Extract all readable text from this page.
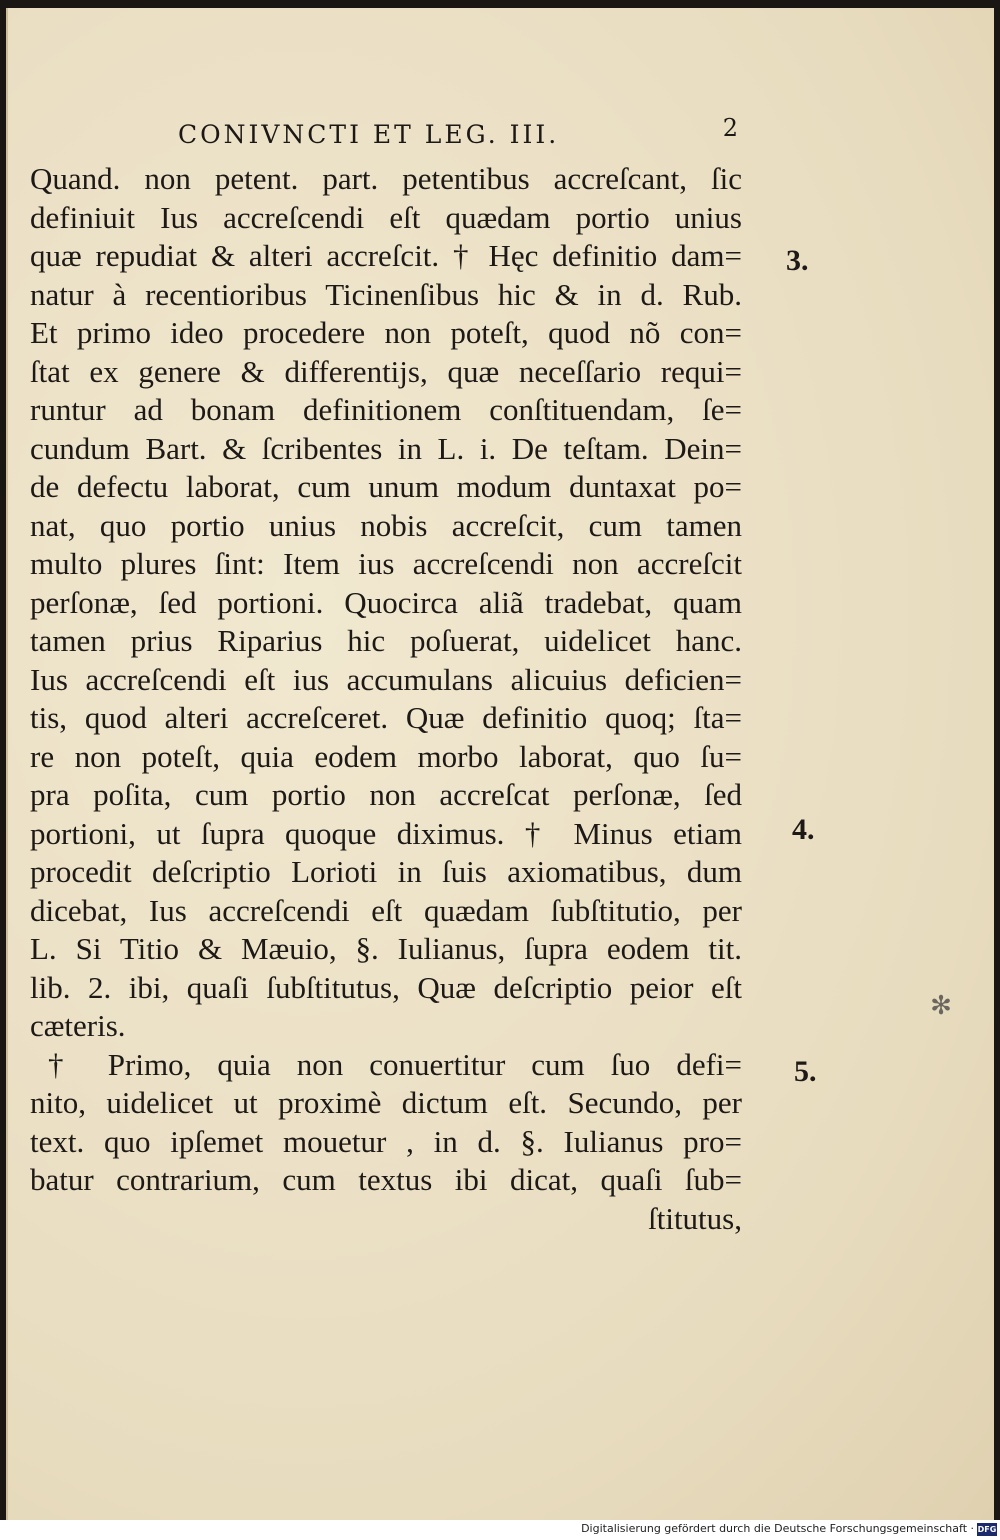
CONIVNCTI ET LEG. III.	2
Quand. non petent. part. petentibus accreſcant, ſic
definiuit Ius accreſcendi eſt quædam portio unius
quæ repudiat & alteri accreſcit. † Hęc definitio dam=
natur à recentioribus Ticinenſibus hic & in d. Rub.
Et primo ideo procedere non poteſt, quod nõ con=
ſtat ex genere & differentijs, quæ neceſſario requi=
runtur ad bonam definitionem conſtituendam, ſe=
cundum Bart. & ſcribentes in L. i. De teſtam. Dein=
de defectu laborat, cum unum modum duntaxat po=
nat, quo portio unius nobis accreſcit, cum tamen
multo plures ſint: Item ius accreſcendi non accreſcit
perſonæ, ſed portioni. Quocirca aliã tradebat, quam
tamen prius Riparius hic poſuerat, uidelicet hanc.
Ius accreſcendi eſt ius accumulans alicuius deficien=
tis, quod alteri accreſceret. Quæ definitio quoq; ſta=
re non poteſt, quia eodem morbo laborat, quo ſu=
pra poſita, cum portio non accreſcat perſonæ, ſed
portioni, ut ſupra quoque diximus. † Minus etiam
procedit deſcriptio Lorioti in ſuis axiomatibus, dum
dicebat, Ius accreſcendi eſt quædam ſubſtitutio, per
L. Si Titio & Mæuio, §. Iulianus, ſupra eodem tit.
lib. 2. ibi, quaſi ſubſtitutus, Quæ deſcriptio peior eſt
cæteris.
† Primo, quia non conuertitur cum ſuo defi=
nito, uidelicet ut proximè dictum eſt. Secundo, per
text. quo ipſemet mouetur , in d. §. Iulianus pro=
batur contrarium, cum textus ibi dicat, quaſi ſub=
ſtitutus,
3.
4.
5.
✻
Digitalisierung gefördert durch die Deutsche Forschungsgemeinschaft · DFG
